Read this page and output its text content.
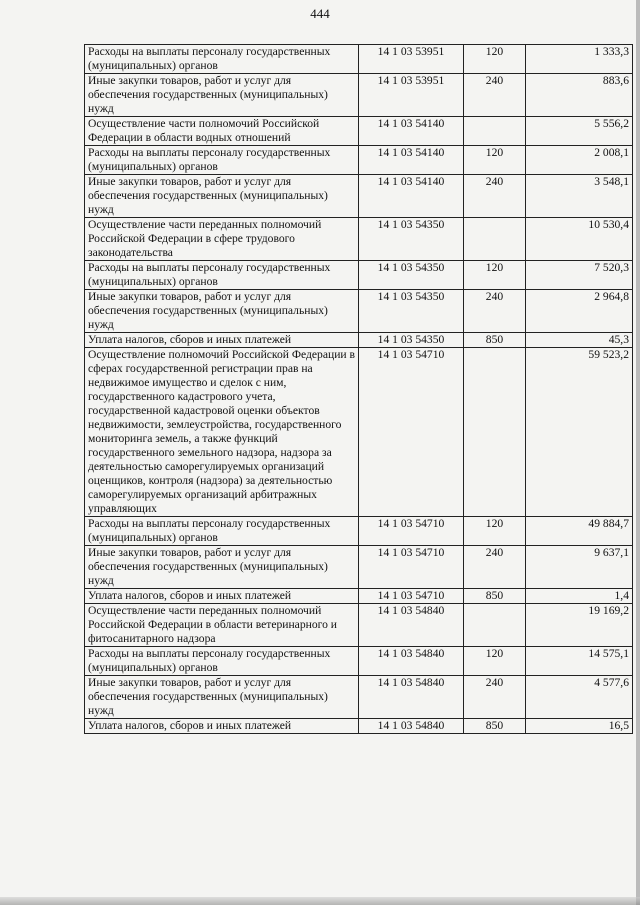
444
Расходы на выплаты персоналу государственных (муниципальных) органов	14 1 03 53951	120	1 333,3
Иные закупки товаров, работ и услуг для обеспечения государственных (муниципальных) нужд	14 1 03 53951	240	883,6
Осуществление части полномочий Российской Федерации в области водных отношений	14 1 03 54140		5 556,2
Расходы на выплаты персоналу государственных (муниципальных) органов	14 1 03 54140	120	2 008,1
Иные закупки товаров, работ и услуг для обеспечения государственных (муниципальных) нужд	14 1 03 54140	240	3 548,1
Осуществление части переданных полномочий Российской Федерации в сфере трудового законодательства	14 1 03 54350		10 530,4
Расходы на выплаты персоналу государственных (муниципальных) органов	14 1 03 54350	120	7 520,3
Иные закупки товаров, работ и услуг для обеспечения государственных (муниципальных) нужд	14 1 03 54350	240	2 964,8
Уплата налогов, сборов и иных платежей	14 1 03 54350	850	45,3
Осуществление полномочий Российской Федерации в сферах государственной регистрации прав на недвижимое имущество и сделок с ним, государственного кадастрового учета, государственной кадастровой оценки объектов недвижимости, землеустройства, государственного мониторинга земель, а также функций государственного земельного надзора, надзора за деятельностью саморегулируемых организаций оценщиков, контроля (надзора) за деятельностью саморегулируемых организаций арбитражных управляющих	14 1 03 54710		59 523,2
Расходы на выплаты персоналу государственных (муниципальных) органов	14 1 03 54710	120	49 884,7
Иные закупки товаров, работ и услуг для обеспечения государственных (муниципальных) нужд	14 1 03 54710	240	9 637,1
Уплата налогов, сборов и иных платежей	14 1 03 54710	850	1,4
Осуществление части переданных полномочий Российской Федерации в области ветеринарного и фитосанитарного надзора	14 1 03 54840		19 169,2
Расходы на выплаты персоналу государственных (муниципальных) органов	14 1 03 54840	120	14 575,1
Иные закупки товаров, работ и услуг для обеспечения государственных (муниципальных) нужд	14 1 03 54840	240	4 577,6
Уплата налогов, сборов и иных платежей	14 1 03 54840	850	16,5
